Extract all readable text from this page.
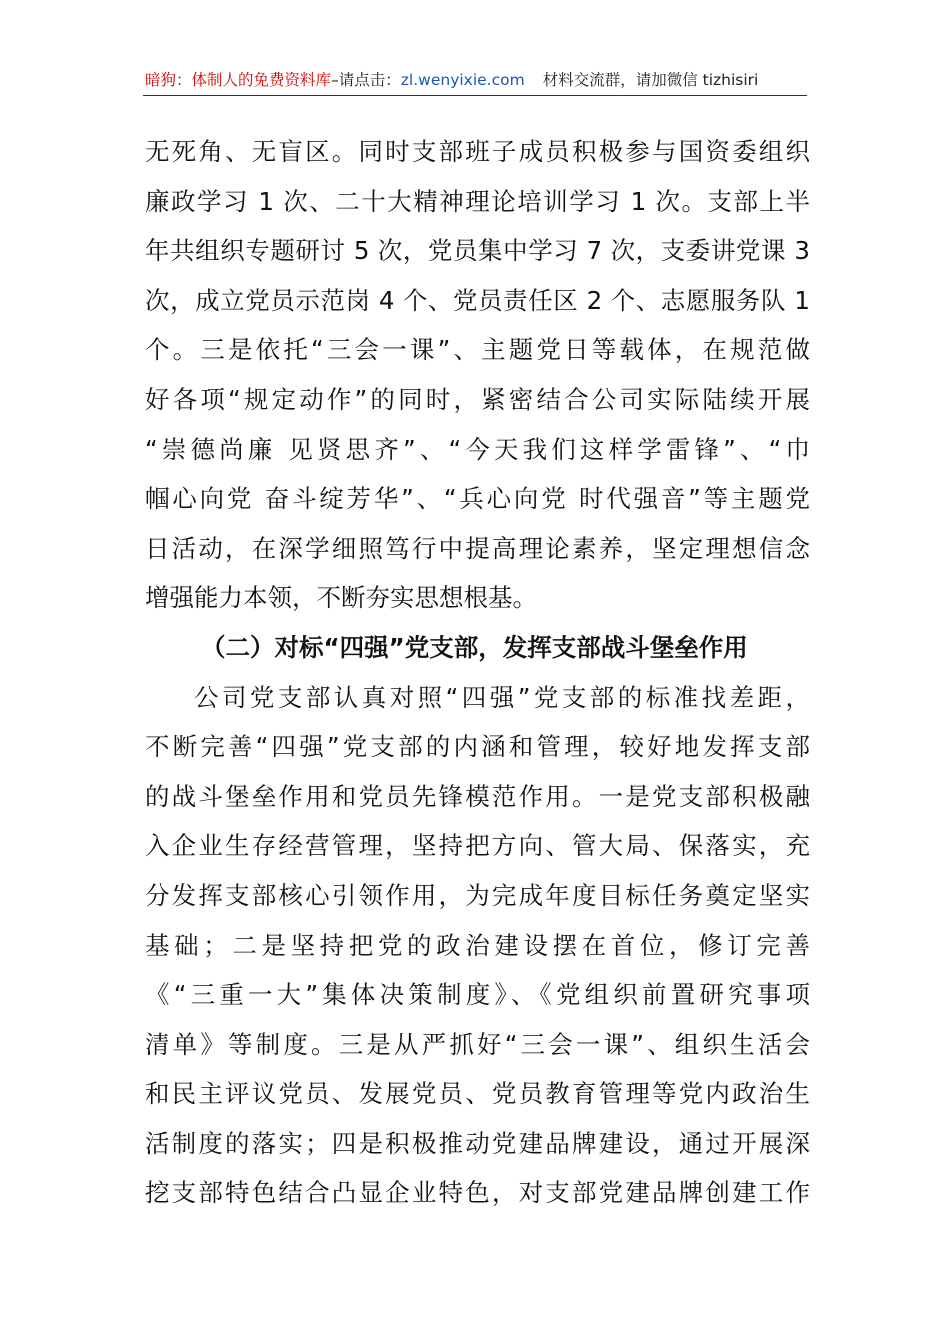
暗狗：体制人的免费资料库–请点击：zl.wenyixie.com 材料交流群，请加微信 tizhisiri
无死角、无盲区。同时支部班子成员积极参与国资委组织
廉政学习 1 次、二十大精神理论培训学习 1 次。支部上半
年共组织专题研讨 5 次，党员集中学习 7 次，支委讲党课 3
次，成立党员示范岗 4 个、党员责任区 2 个、志愿服务队 1
个。三是依托“三会一课”、主题党日等载体，在规范做
好各项“规定动作”的同时，紧密结合公司实际陆续开展
“崇德尚廉 见贤思齐”、“今天我们这样学雷锋”、“巾
帼心向党 奋斗绽芳华”、“兵心向党 时代强音”等主题党
日活动，在深学细照笃行中提高理论素养，坚定理想信念
增强能力本领，不断夯实思想根基。
（二）对标“四强”党支部，发挥支部战斗堡垒作用
公司党支部认真对照“四强”党支部的标准找差距，
不断完善“四强”党支部的内涵和管理，较好地发挥支部
的战斗堡垒作用和党员先锋模范作用。一是党支部积极融
入企业生存经营管理，坚持把方向、管大局、保落实，充
分发挥支部核心引领作用，为完成年度目标任务奠定坚实
基础；二是坚持把党的政治建设摆在首位，修订完善
《“三重一大”集体决策制度》、《党组织前置研究事项
清单》等制度。三是从严抓好“三会一课”、组织生活会
和民主评议党员、发展党员、党员教育管理等党内政治生
活制度的落实；四是积极推动党建品牌建设，通过开展深
挖支部特色结合凸显企业特色，对支部党建品牌创建工作
